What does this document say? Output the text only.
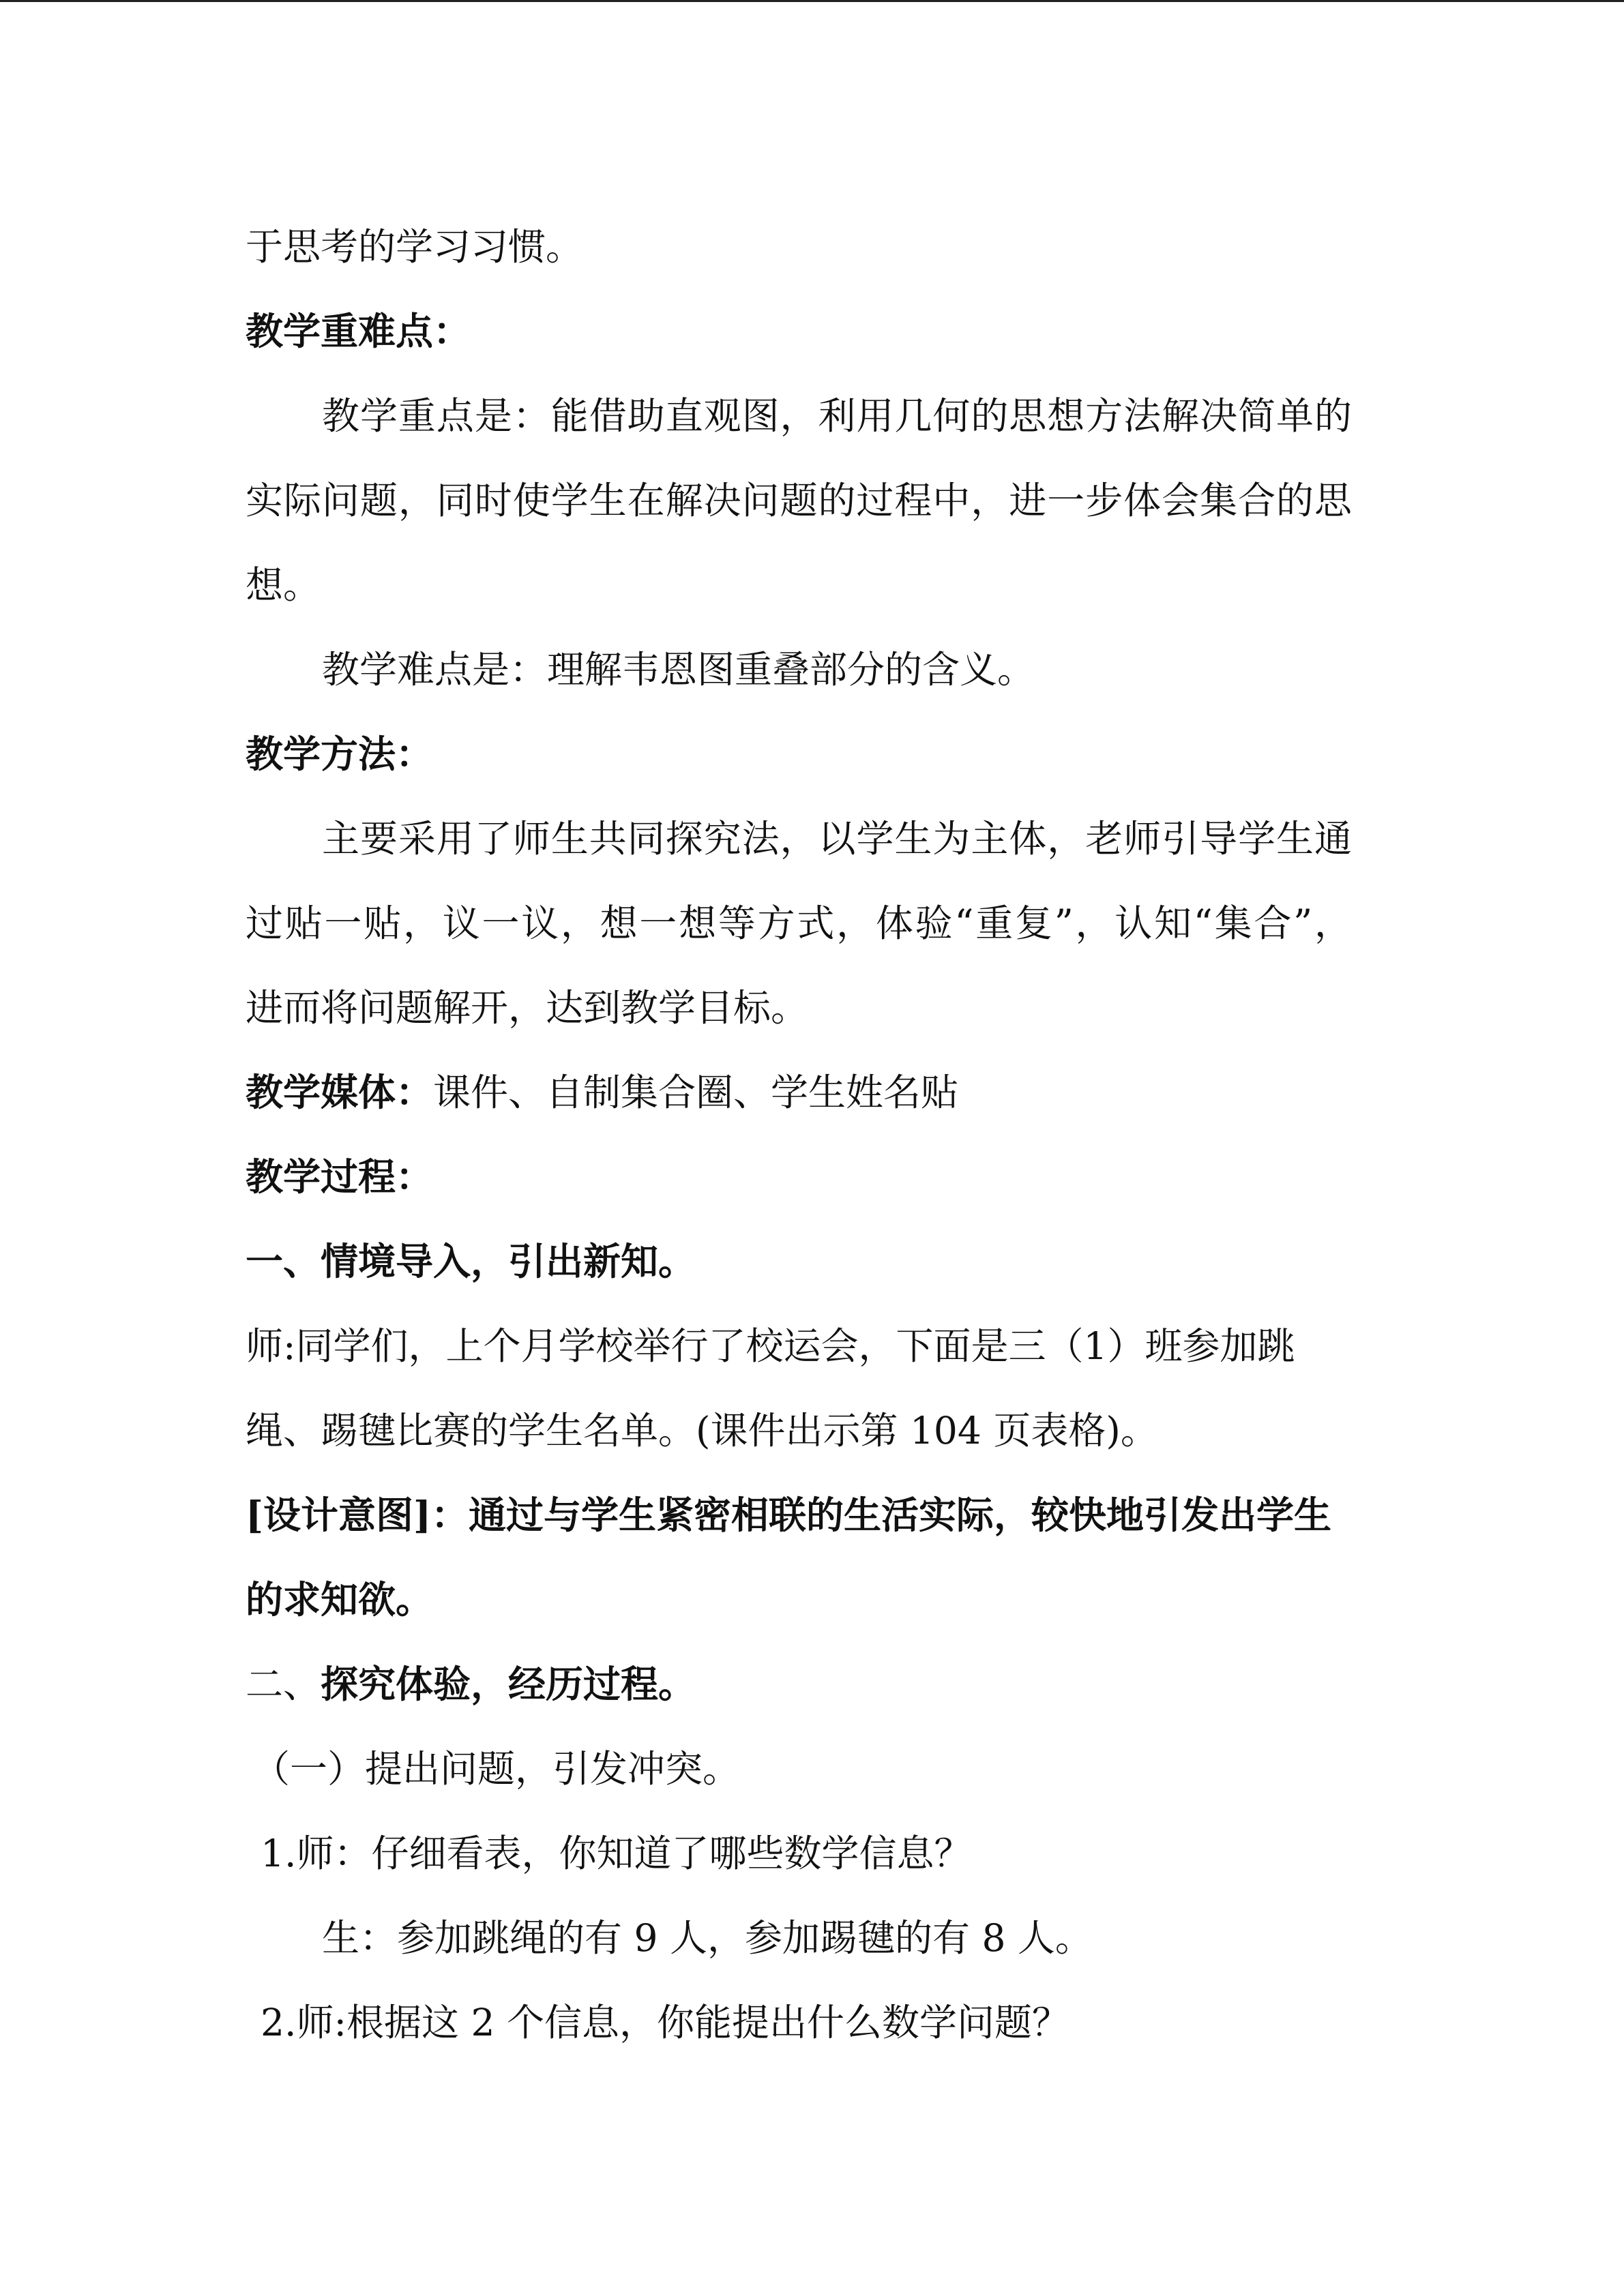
于思考的学习习惯。
教学重难点：
教学重点是：能借助直观图，利用几何的思想方法解决简单的
实际问题，同时使学生在解决问题的过程中，进一步体会集合的思
想。
教学难点是：理解韦恩图重叠部分的含义。
教学方法：
主要采用了师生共同探究法，以学生为主体，老师引导学生通
过贴一贴，议一议，想一想等方式，体验“重复”，认知“集合”，
进而将问题解开，达到教学目标。
教学媒体：课件、自制集合圈、学生姓名贴
教学过程：
一、情境导入，引出新知。
师:同学们，上个月学校举行了校运会，下面是三（1）班参加跳
绳、踢毽比赛的学生名单。(课件出示第 104 页表格)。
[设计意图]：通过与学生紧密相联的生活实际，较快地引发出学生
的求知欲。
二、探究体验，经历过程。
（一）提出问题，引发冲突。
1.师：仔细看表，你知道了哪些数学信息？
生：参加跳绳的有 9 人，参加踢毽的有 8 人。
2.师:根据这 2 个信息，你能提出什么数学问题？
